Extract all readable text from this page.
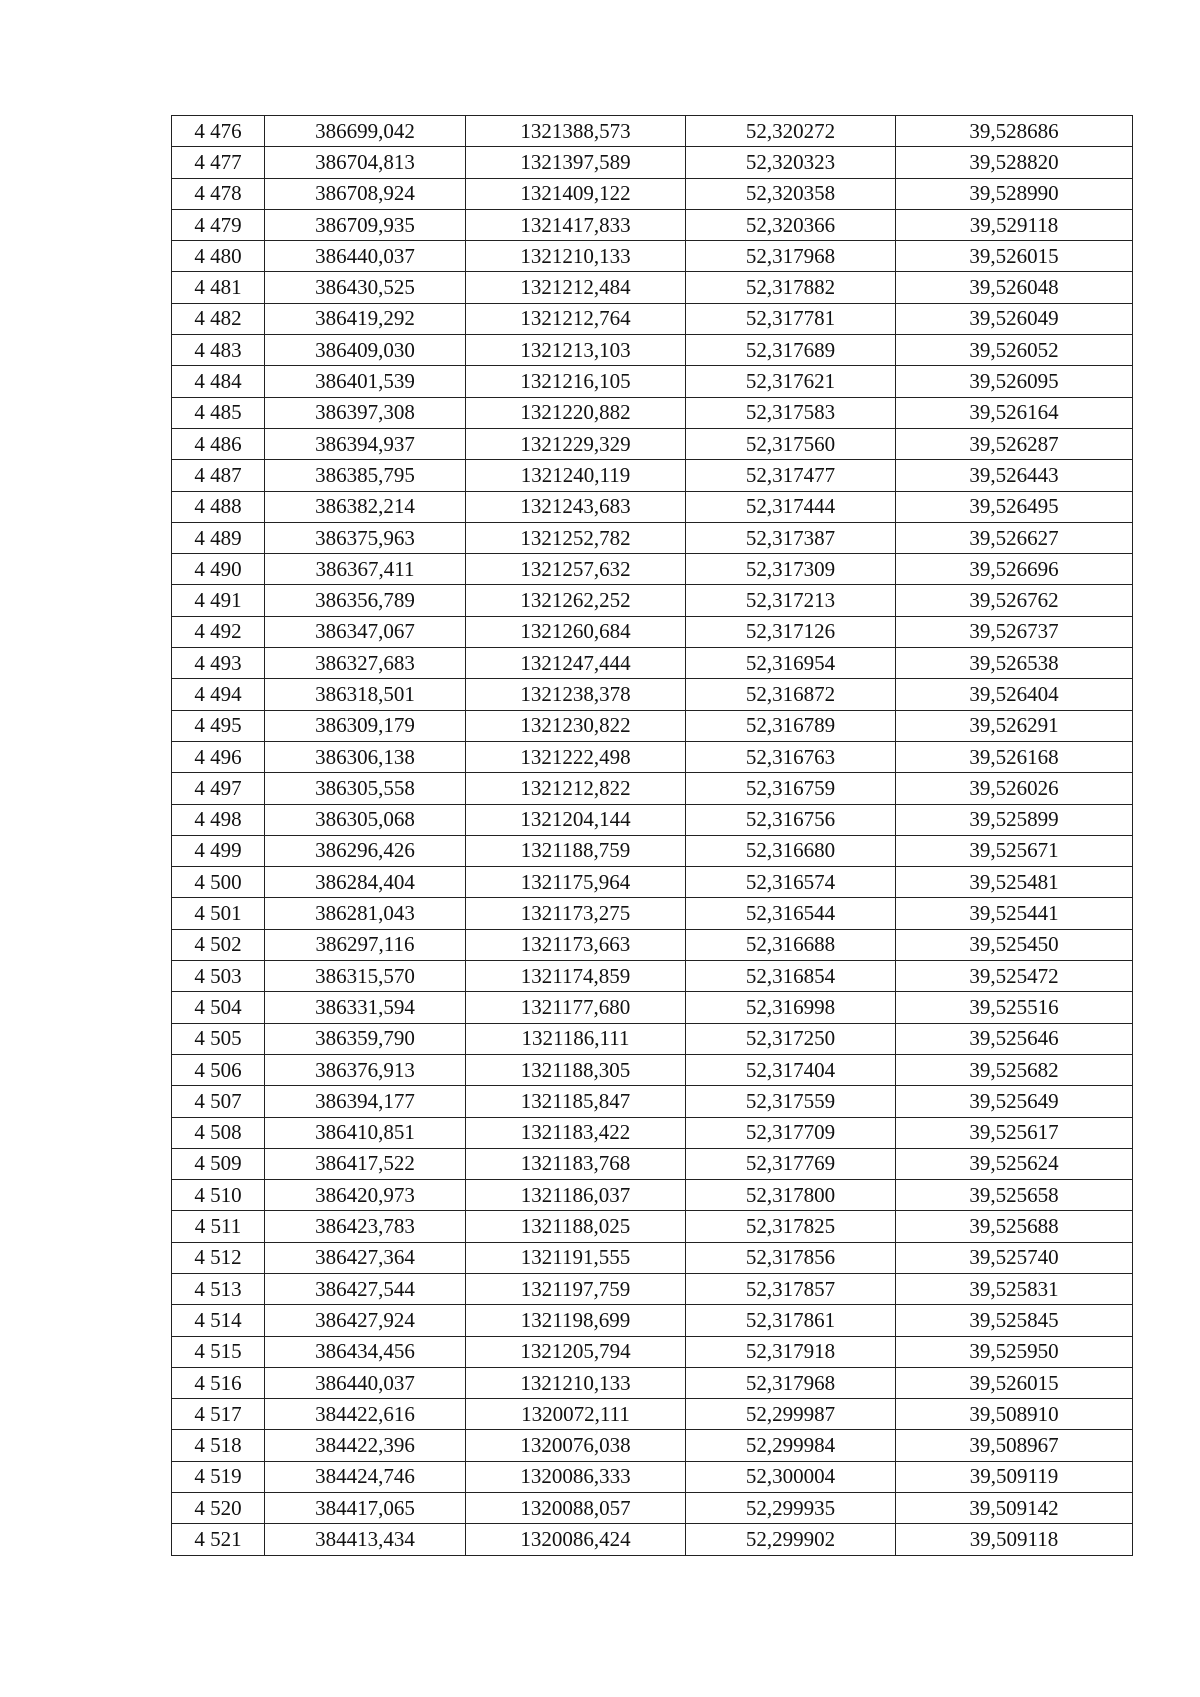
4 476	386699,042	1321388,573	52,320272	39,528686
4 477	386704,813	1321397,589	52,320323	39,528820
4 478	386708,924	1321409,122	52,320358	39,528990
4 479	386709,935	1321417,833	52,320366	39,529118
4 480	386440,037	1321210,133	52,317968	39,526015
4 481	386430,525	1321212,484	52,317882	39,526048
4 482	386419,292	1321212,764	52,317781	39,526049
4 483	386409,030	1321213,103	52,317689	39,526052
4 484	386401,539	1321216,105	52,317621	39,526095
4 485	386397,308	1321220,882	52,317583	39,526164
4 486	386394,937	1321229,329	52,317560	39,526287
4 487	386385,795	1321240,119	52,317477	39,526443
4 488	386382,214	1321243,683	52,317444	39,526495
4 489	386375,963	1321252,782	52,317387	39,526627
4 490	386367,411	1321257,632	52,317309	39,526696
4 491	386356,789	1321262,252	52,317213	39,526762
4 492	386347,067	1321260,684	52,317126	39,526737
4 493	386327,683	1321247,444	52,316954	39,526538
4 494	386318,501	1321238,378	52,316872	39,526404
4 495	386309,179	1321230,822	52,316789	39,526291
4 496	386306,138	1321222,498	52,316763	39,526168
4 497	386305,558	1321212,822	52,316759	39,526026
4 498	386305,068	1321204,144	52,316756	39,525899
4 499	386296,426	1321188,759	52,316680	39,525671
4 500	386284,404	1321175,964	52,316574	39,525481
4 501	386281,043	1321173,275	52,316544	39,525441
4 502	386297,116	1321173,663	52,316688	39,525450
4 503	386315,570	1321174,859	52,316854	39,525472
4 504	386331,594	1321177,680	52,316998	39,525516
4 505	386359,790	1321186,111	52,317250	39,525646
4 506	386376,913	1321188,305	52,317404	39,525682
4 507	386394,177	1321185,847	52,317559	39,525649
4 508	386410,851	1321183,422	52,317709	39,525617
4 509	386417,522	1321183,768	52,317769	39,525624
4 510	386420,973	1321186,037	52,317800	39,525658
4 511	386423,783	1321188,025	52,317825	39,525688
4 512	386427,364	1321191,555	52,317856	39,525740
4 513	386427,544	1321197,759	52,317857	39,525831
4 514	386427,924	1321198,699	52,317861	39,525845
4 515	386434,456	1321205,794	52,317918	39,525950
4 516	386440,037	1321210,133	52,317968	39,526015
4 517	384422,616	1320072,111	52,299987	39,508910
4 518	384422,396	1320076,038	52,299984	39,508967
4 519	384424,746	1320086,333	52,300004	39,509119
4 520	384417,065	1320088,057	52,299935	39,509142
4 521	384413,434	1320086,424	52,299902	39,509118
